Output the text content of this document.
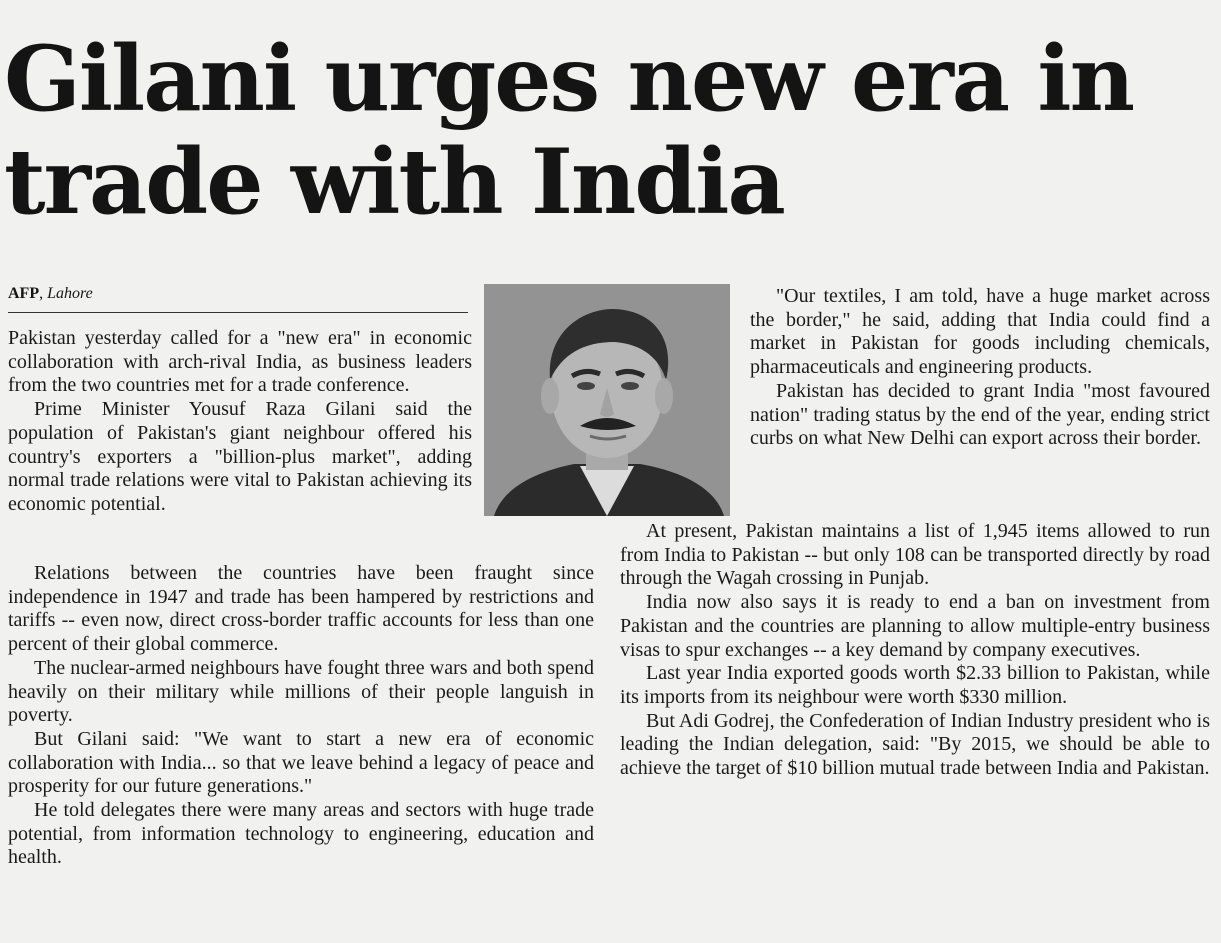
Gilani urges new era in
trade with India
AFP, Lahore

Pakistan yesterday called for a "new era" in economic collaboration with arch-rival India, as business leaders from the two countries met for a trade conference.

Prime Minister Yousuf Raza Gilani said the population of Pakistan's giant neighbour offered his country's exporters a "billion-plus market", adding normal trade relations were vital to Pakistan achieving its economic potential.

Relations between the countries have been fraught since independence in 1947 and trade has been hampered by restrictions and tariffs -- even now, direct cross-border traffic accounts for less than one percent of their global commerce.

The nuclear-armed neighbours have fought three wars and both spend heavily on their military while millions of their people languish in poverty.

But Gilani said: "We want to start a new era of economic collaboration with India... so that we leave behind a legacy of peace and prosperity for our future generations."

He told delegates there were many areas and sectors with huge trade potential, from information technology to engineering, education and health.

"Our textiles, I am told, have a huge market across the border," he said, adding that India could find a market in Pakistan for goods including chemicals, pharmaceuticals and engineering products.

Pakistan has decided to grant India "most favoured nation" trading status by the end of the year, ending strict curbs on what New Delhi can export across their border.

At present, Pakistan maintains a list of 1,945 items allowed to run from India to Pakistan -- but only 108 can be transported directly by road through the Wagah crossing in Punjab.

India now also says it is ready to end a ban on investment from Pakistan and the countries are planning to allow multiple-entry business visas to spur exchanges -- a key demand by company executives.

Last year India exported goods worth $2.33 billion to Pakistan, while its imports from its neighbour were worth $330 million.

But Adi Godrej, the Confederation of Indian Industry president who is leading the Indian delegation, said: "By 2015, we should be able to achieve the target of $10 billion mutual trade between India and Pakistan.
